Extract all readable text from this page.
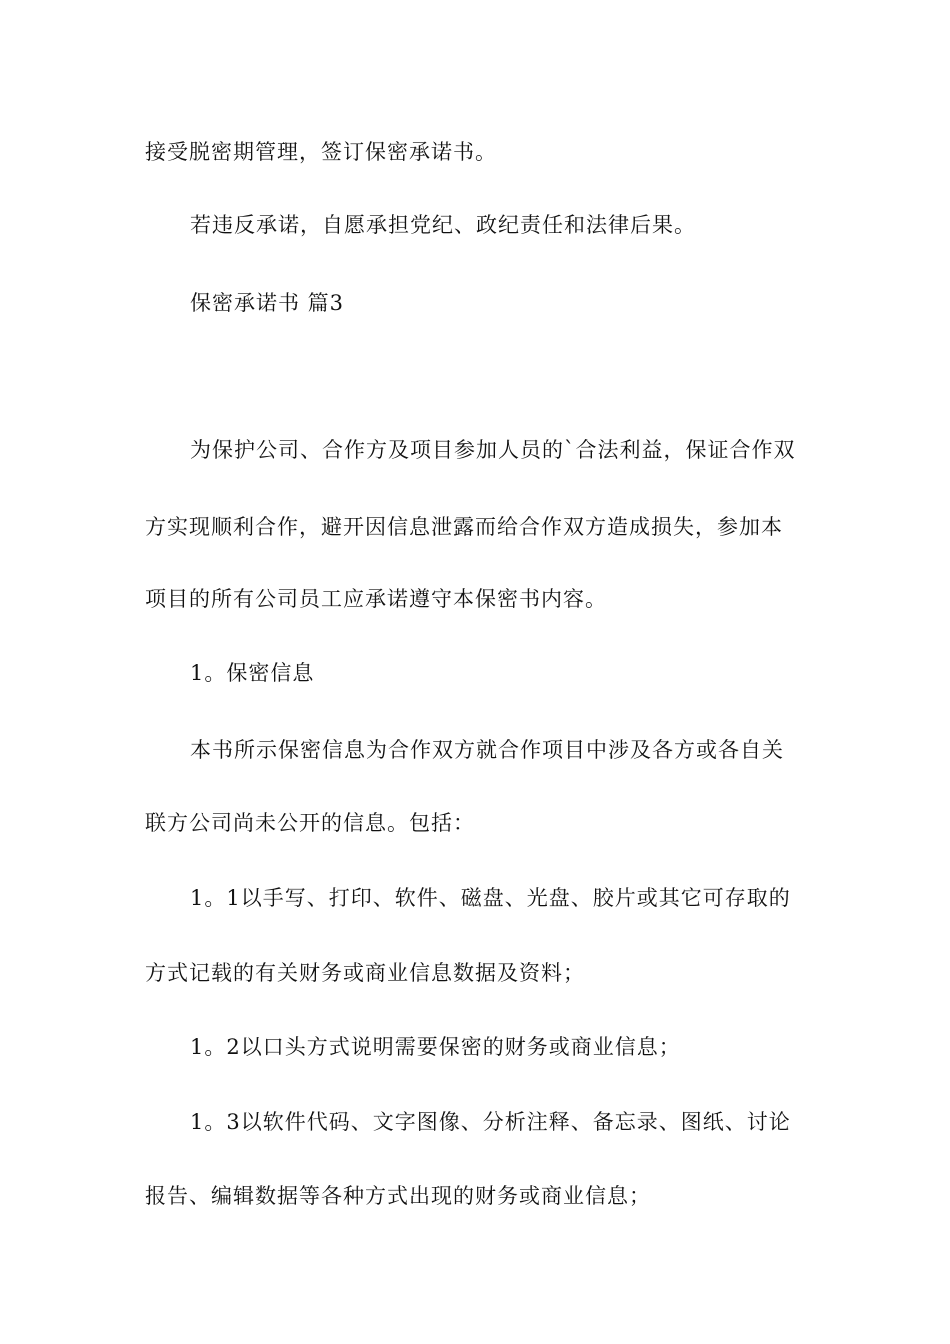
接受脱密期管理，签订保密承诺书。
若违反承诺，自愿承担党纪、政纪责任和法律后果。
保密承诺书 篇3
为保护公司、合作方及项目参加人员的`合法利益，保证合作双
方实现顺利合作，避开因信息泄露而给合作双方造成损失，参加本
项目的所有公司员工应承诺遵守本保密书内容。
1。保密信息
本书所示保密信息为合作双方就合作项目中涉及各方或各自关
联方公司尚未公开的信息。包括：
1。1以手写、打印、软件、磁盘、光盘、胶片或其它可存取的
方式记载的有关财务或商业信息数据及资料；
1。2以口头方式说明需要保密的财务或商业信息；
1。3以软件代码、文字图像、分析注释、备忘录、图纸、讨论
报告、编辑数据等各种方式出现的财务或商业信息；
